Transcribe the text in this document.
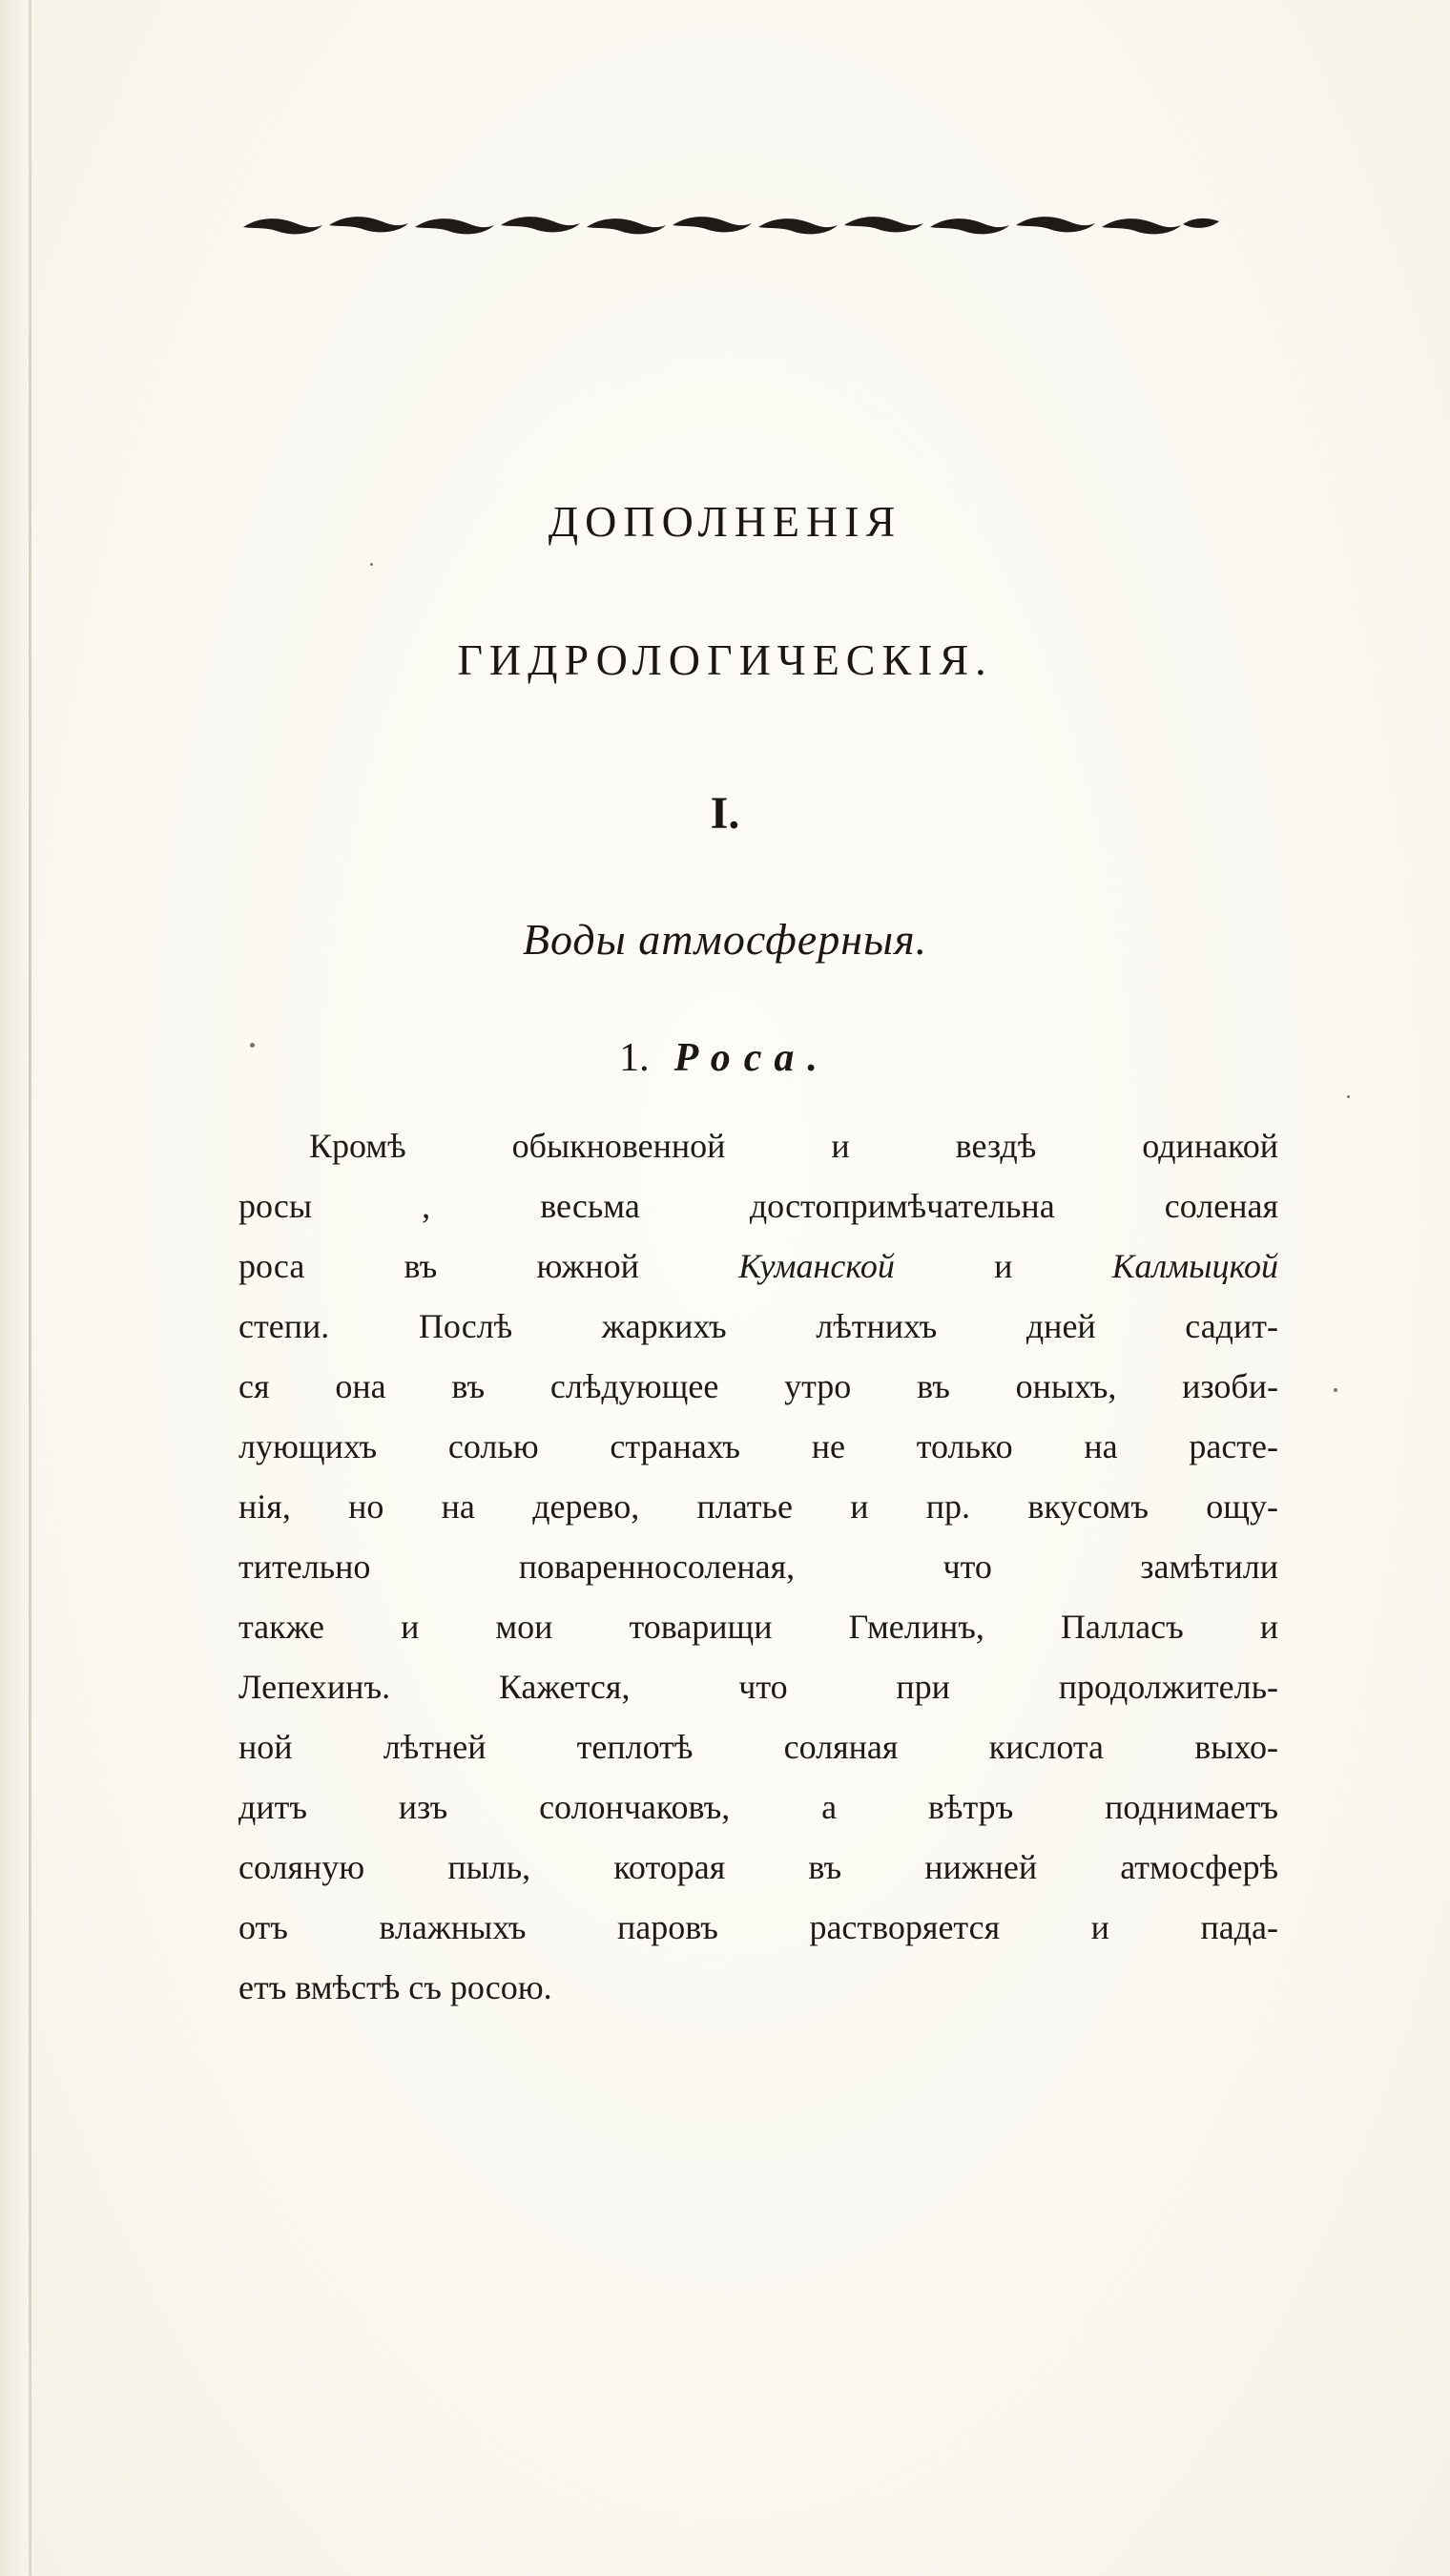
ДОПОЛНЕНІЯ
ГИДРОЛОГИЧЕСКІЯ.
I.
Воды атмосферныя.
1. Роса.
Кромѣ обыкновенной и вездѣ одинакой
росы , весьма достопримѣчательна соленая
роса въ южной Куманской и Калмыцкой
степи. Послѣ жаркихъ лѣтнихъ дней садит-
ся она въ слѣдующее утро въ оныхъ, изоби-
лующихъ солью странахъ не только на расте-
нія, но на дерево, платье и пр. вкусомъ ощу-
тительно поваренносоленая, что замѣтили
также и мои товарищи Гмелинъ, Палласъ и
Лепехинъ. Кажется, что при продолжитель-
ной лѣтней теплотѣ соляная кислота выхо-
дитъ изъ солончаковъ, а вѣтръ поднимаетъ
соляную пыль, которая въ нижней атмосферѣ
отъ влажныхъ паровъ растворяется и пада-
етъ вмѣстѣ съ росою.
